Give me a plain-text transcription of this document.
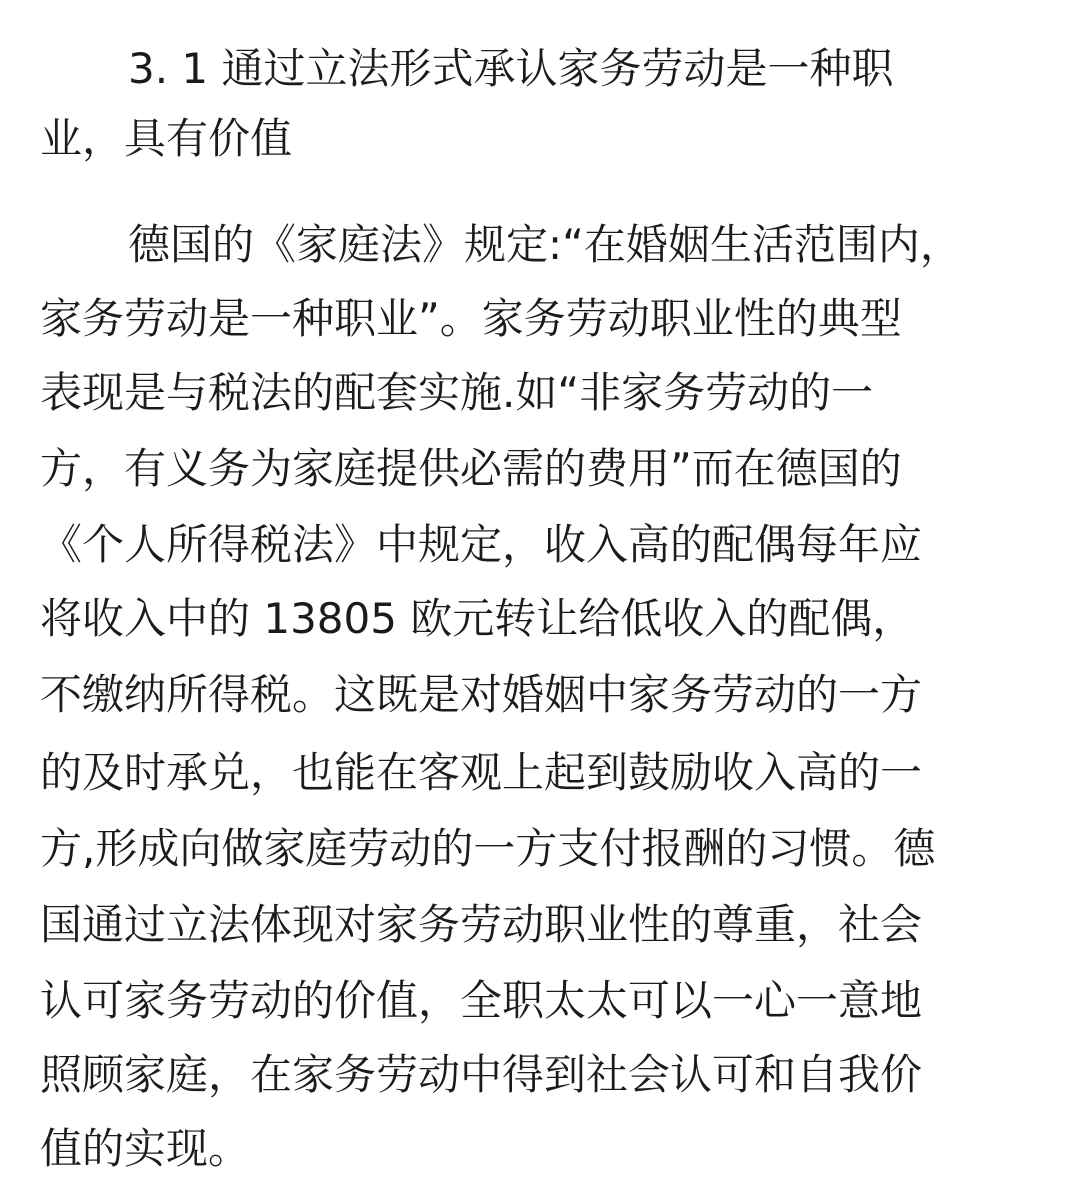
3. 1 通过立法形式承认家务劳动是一种职
业，具有价值
德国的《家庭法》规定:“在婚姻生活范围内，
家务劳动是一种职业”。家务劳动职业性的典型
表现是与税法的配套实施.如“非家务劳动的一
方，有义务为家庭提供必需的费用”而在德国的
《个人所得税法》中规定，收入高的配偶每年应
将收入中的 13805 欧元转让给低收入的配偶，
不缴纳所得税。这既是对婚姻中家务劳动的一方
的及时承兑，也能在客观上起到鼓励收入高的一
方,形成向做家庭劳动的一方支付报酬的习惯。德
国通过立法体现对家务劳动职业性的尊重，社会
认可家务劳动的价值，全职太太可以一心一意地
照顾家庭，在家务劳动中得到社会认可和自我价
值的实现。
